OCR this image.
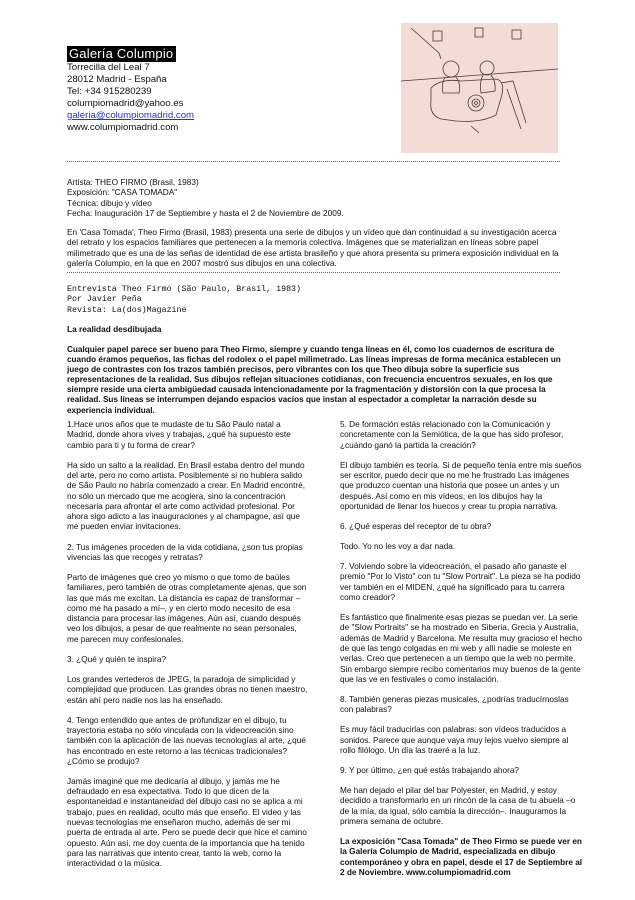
Galería Columpio
Torrecilla del Leal 7
28012 Madrid - España
Tel: +34 915280239
columpiomadrid@yahoo.es
galeria@columpiomadrid.com
www.columpiomadrid.com
Artista: THEO FIRMO (Brasil, 1983)
Exposición: "CASA TOMADA"
Técnica: dibujo y vídeo
Fecha: Inauguración 17 de Septiembre y hasta el 2 de Noviembre de 2009.
En 'Casa Tomada', Theo Firmo (Brasil, 1983) presenta una serie de dibujos y un vídeo que dan continuidad a su investigación acerca del retrato y los espacios familiares que pertenecen a la memoria colectiva. Imágenes que se materializan en líneas sobre papel milimetrado que es una de las señas de identidad de ese artista brasileño y que ahora presenta su primera exposición individual en la galería Columpio, en la que en 2007 mostró sus dibujos en una colectiva.
Entrevista Theo Firmo (São Paulo, Brasil, 1983)
Por Javier Peña
Revista: La(dos)Magazine
La realidad desdibujada
Cualquier papel parece ser bueno para Theo Firmo, siempre y cuando tenga líneas en él, como los cuadernos de escritura de cuando éramos pequeños, las fichas del rodolex o el papel milimetrado. Las líneas impresas de forma mecánica establecen un juego de contrastes con los trazos también precisos, pero vibrantes con los que Theo dibuja sobre la superficie sus representaciones de la realidad. Sus dibujos reflejan situaciones cotidianas, con frecuencia encuentros sexuales, en los que siempre reside una cierta ambigüedad causada intencionadamente por la fragmentación y distorsión con la que procesa la realidad. Sus líneas se interrumpen dejando espacios vacíos que instan al espectador a completar la narración desde su experiencia individual.

1.Hace unos años que te mudaste de tu São Paulo natal a Madrid, donde ahora vives y trabajas, ¿qué ha supuesto este cambio para ti y tu forma de crear?

Ha sido un salto a la realidad. En Brasil estaba dentro del mundo del arte, pero no como artista. Posiblemente si no hubiera salido de São Paulo no habría comenzado a crear. En Madrid encontré, no sólo un mercado que me acogiera, sino la concentración necesaria para afrontar el arte como actividad profesional. Por ahora sigo adicto a las inauguraciones y al champagne, así que me pueden enviar invitaciones.

2. Tus imágenes proceden de la vida cotidiana, ¿son tus propias vivencias las que recoges y retratas?

Parto de imágenes que creo yo mismo o que tomo de baúles familiares, pero también de otras completamente ajenas, que son las que más me excitan. La distancia es capaz de transformar – como me ha pasado a mí–, y en cierto modo necesito de esa distancia para procesar las imágenes. Aún así, cuando después veo los dibujos, a pesar de que realmente no sean personales, me parecen muy confesionales.

3. ¿Qué y quién te inspira?

Los grandes vertederos de JPEG, la paradoja de simplicidad y complejidad que producen. Las grandes obras no tienen maestro, están ahí pero nadie nos las ha enseñado.

4. Tengo entendido que antes de profundizar en el dibujo, tu trayectoria estaba no sólo vinculada con la videocreación sino también con la aplicación de las nuevas tecnologías al arte, ¿qué has encontrado en este retorno a las técnicas tradicionales? ¿Cómo se produjo?

Jamás imaginé que me dedicaría al dibujo, y jamás me he defraudado en esa expectativa. Todo lo que dicen de la espontaneidad e instantaneidad del dibujo casi no se aplica a mi trabajo, pues en realidad, oculto más que enseño. El video y las nuevas tecnologías me enseñaron mucho, además de ser mi puerta de entrada al arte. Pero se puede decir que hice el camino opuesto. Aún así, me doy cuenta de la importancia que ha tenido para las narrativas que intento crear, tanto la web, como la interactividad o la música.

5. De formación estás relacionado con la Comunicación y concretamente con la Semiótica, de la que has sido profesor, ¿cuándo ganó la partida la creación?

El dibujo también es teoría. Si de pequeño tenía entre mis sueños ser escritor, puedo decir que no me he frustrado Las imágenes que produzco cuentan una historia que posee un antes y un después. Así como en mis vídeos, en los dibujos hay la oportunidad de llenar los huecos y crear tu propia narrativa.

6. ¿Qué esperas del receptor de tu obra?

Todo. Yo no les voy a dar nada.

7. Volviendo sobre la videocreación, el pasado año ganaste el premio "Por lo Visto" con tu "Slow Portrait". La pieza se ha podido ver también en el MIDEN, ¿qué ha significado para tu carrera como creador?

Es fantástico que finalmente esas piezas se puedan ver. La serie de "Slow Portraits" se ha mostrado en Siberia, Grecia y Australia, además de Madrid y Barcelona. Me resulta muy gracioso el hecho de que las tengo colgadas en mi web y allí nadie se moleste en verlas. Creo que pertenecen a un tiempo que la web no permite. Sin embargo siempre recibo comentarios muy buenos de la gente que las ve en festivales o como instalación.

8. También generas piezas musicales, ¿podrías traducírnoslas con palabras?

Es muy fácil traducirlas con palabras: son vídeos traducidos a sonidos. Parece que aunque vaya muy lejos vuelvo siempre al rollo filólogo. Un día las traeré a la luz.

9. Y por último, ¿en qué estás trabajando ahora?

Me han dejado el pilar del bar Polyester, en Madrid, y estoy decidido a transformarlo en un rincón de la casa de tu abuela –o de la mía, da igual, sólo cambia la dirección–. Inauguramos la primera semana de octubre.

La exposición "Casa Tomada" de Theo Firmo se puede ver en la Galería Columpio de Madrid, especializada en dibujo contemporáneo y obra en papel, desde el 17 de Septiembre al 2 de Noviembre. www.columpiomadrid.com
